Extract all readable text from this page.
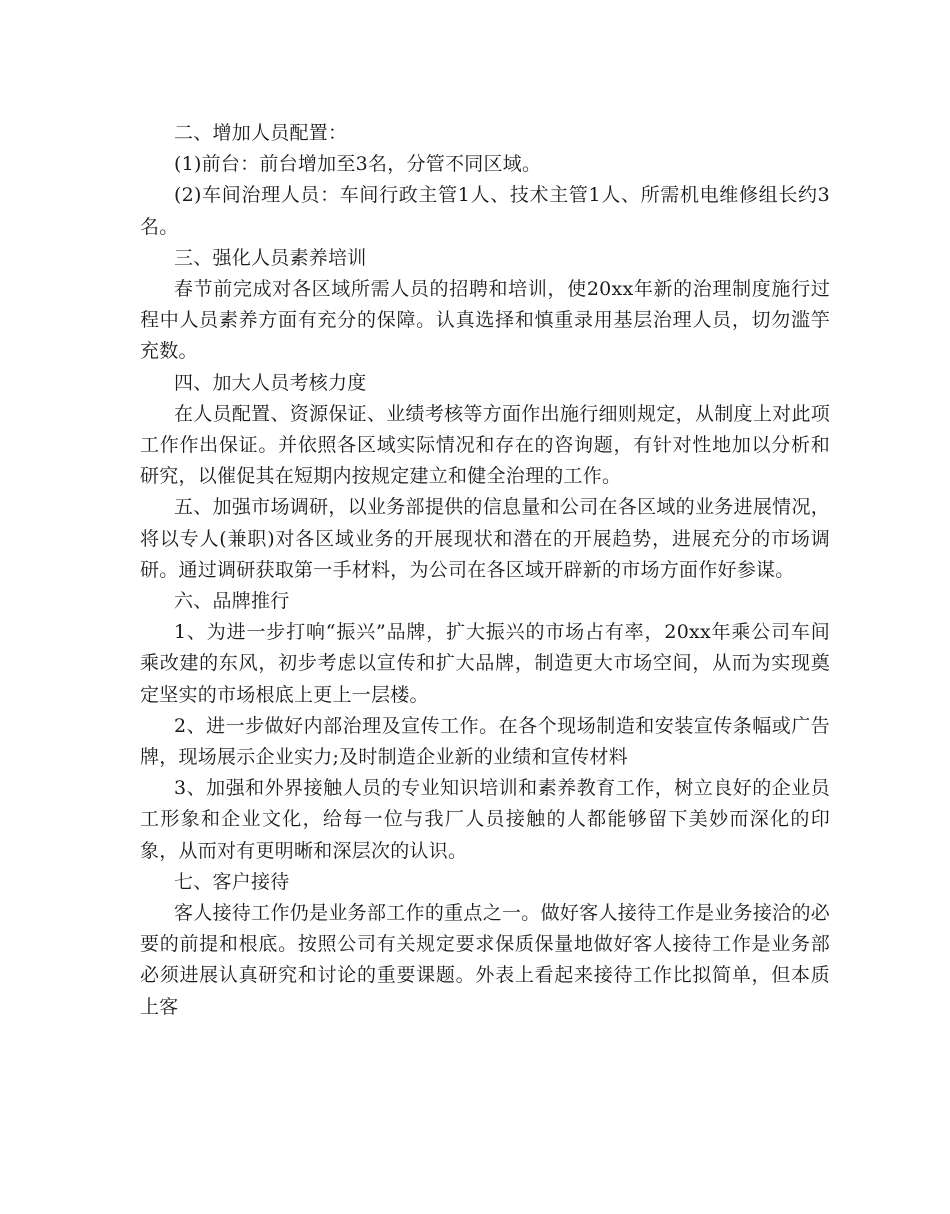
二、增加人员配置：

(1)前台：前台增加至3名，分管不同区域。

(2)车间治理人员：车间行政主管1人、技术主管1人、所需机电维修组长约3名。

三、强化人员素养培训

春节前完成对各区域所需人员的招聘和培训，使20xx年新的治理制度施行过程中人员素养方面有充分的保障。认真选择和慎重录用基层治理人员，切勿滥竽充数。

四、加大人员考核力度

在人员配置、资源保证、业绩考核等方面作出施行细则规定，从制度上对此项工作作出保证。并依照各区域实际情况和存在的咨询题，有针对性地加以分析和研究，以催促其在短期内按规定建立和健全治理的工作。

五、加强市场调研，以业务部提供的信息量和公司在各区域的业务进展情况，将以专人(兼职)对各区域业务的开展现状和潜在的开展趋势，进展充分的市场调研。通过调研获取第一手材料，为公司在各区域开辟新的市场方面作好参谋。

六、品牌推行

1、为进一步打响“振兴”品牌，扩大振兴的市场占有率，20xx年乘公司车间乘改建的东风，初步考虑以宣传和扩大品牌，制造更大市场空间，从而为实现奠定坚实的市场根底上更上一层楼。

2、进一步做好内部治理及宣传工作。在各个现场制造和安装宣传条幅或广告牌，现场展示企业实力;及时制造企业新的业绩和宣传材料

3、加强和外界接触人员的专业知识培训和素养教育工作，树立良好的企业员工形象和企业文化，给每一位与我厂人员接触的人都能够留下美妙而深化的印象，从而对有更明晰和深层次的认识。

七、客户接待

客人接待工作仍是业务部工作的重点之一。做好客人接待工作是业务接洽的必要的前提和根底。按照公司有关规定要求保质保量地做好客人接待工作是业务部必须进展认真研究和讨论的重要课题。外表上看起来接待工作比拟简单，但本质上客
